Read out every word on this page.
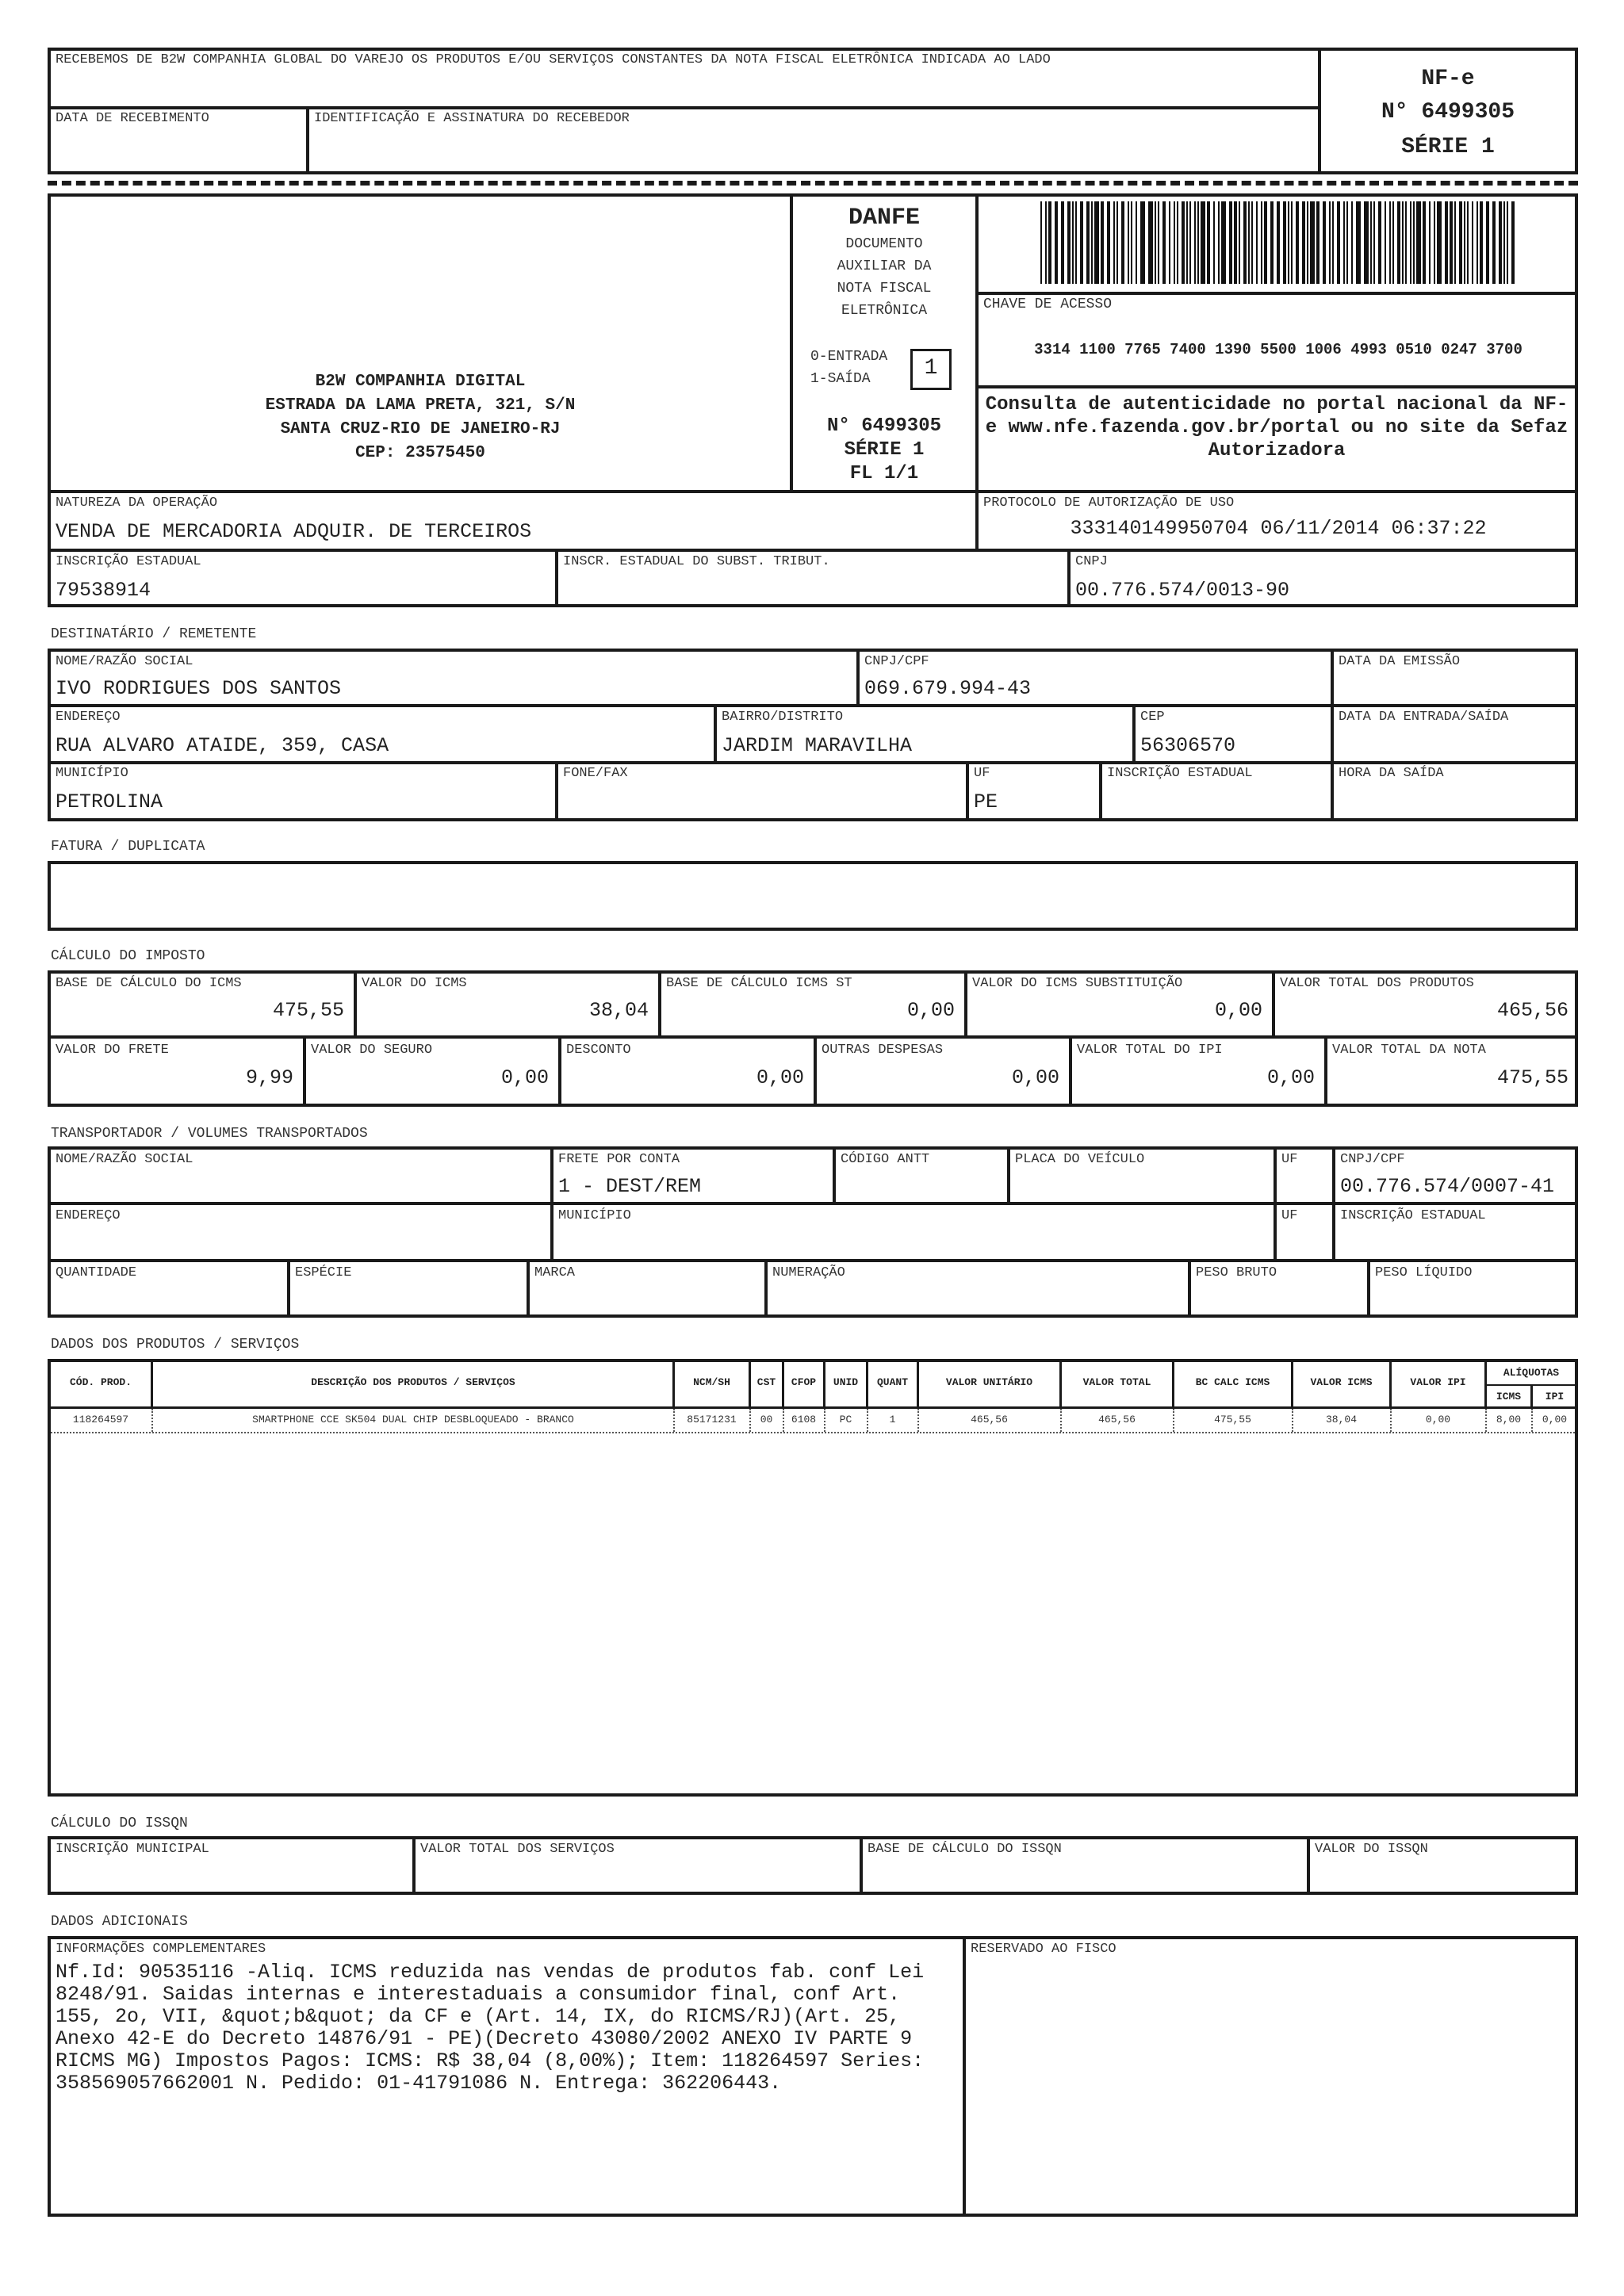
RECEBEMOS DE B2W COMPANHIA GLOBAL DO VAREJO OS PRODUTOS E/OU SERVIÇOS CONSTANTES DA NOTA FISCAL ELETRÔNICA INDICADA AO LADO
DATA DE RECEBIMENTO	IDENTIFICAÇÃO E ASSINATURA DO RECEBEDOR
NF-e
N° 6499305
SÉRIE 1
B2W COMPANHIA DIGITAL
ESTRADA DA LAMA PRETA, 321, S/N
SANTA CRUZ-RIO DE JANEIRO-RJ
CEP: 23575450
DANFE
DOCUMENTO
AUXILIAR DA
NOTA FISCAL
ELETRÔNICA
0-ENTRADA
1-SAÍDA	1
N° 6499305
SÉRIE 1
FL 1/1
CHAVE DE ACESSO
3314 1100 7765 7400 1390 5500 1006 4993 0510 0247 3700
Consulta de autenticidade no portal nacional da NF-e www.nfe.fazenda.gov.br/portal ou no site da Sefaz Autorizadora
NATUREZA DA OPERAÇÃO
VENDA DE MERCADORIA ADQUIR. DE TERCEIROS
PROTOCOLO DE AUTORIZAÇÃO DE USO
333140149950704 06/11/2014 06:37:22
INSCRIÇÃO ESTADUAL
79538914
INSCR. ESTADUAL DO SUBST. TRIBUT.	CNPJ
00.776.574/0013-90
DESTINATÁRIO / REMETENTE
NOME/RAZÃO SOCIAL
IVO RODRIGUES DOS SANTOS
CNPJ/CPF
069.679.994-43
DATA DA EMISSÃO
ENDEREÇO
RUA ALVARO ATAIDE, 359, CASA
BAIRRO/DISTRITO
JARDIM MARAVILHA
CEP
56306570
DATA DA ENTRADA/SAÍDA
MUNICÍPIO
PETROLINA
FONE/FAX	UF
PE
INSCRIÇÃO ESTADUAL	HORA DA SAÍDA
FATURA / DUPLICATA
CÁLCULO DO IMPOSTO
BASE DE CÁLCULO DO ICMS
475,55
VALOR DO ICMS
38,04
BASE DE CÁLCULO ICMS ST
0,00
VALOR DO ICMS SUBSTITUIÇÃO
0,00
VALOR TOTAL DOS PRODUTOS
465,56
VALOR DO FRETE
9,99
VALOR DO SEGURO
0,00
DESCONTO
0,00
OUTRAS DESPESAS
0,00
VALOR TOTAL DO IPI
0,00
VALOR TOTAL DA NOTA
475,55
TRANSPORTADOR / VOLUMES TRANSPORTADOS
NOME/RAZÃO SOCIAL	FRETE POR CONTA
1 - DEST/REM
CÓDIGO ANTT	PLACA DO VEÍCULO	UF	CNPJ/CPF
00.776.574/0007-41
ENDEREÇO	MUNICÍPIO	UF	INSCRIÇÃO ESTADUAL
QUANTIDADE	ESPÉCIE	MARCA	NUMERAÇÃO	PESO BRUTO	PESO LÍQUIDO
DADOS DOS PRODUTOS / SERVIÇOS
CÓD. PROD.	DESCRIÇÃO DOS PRODUTOS / SERVIÇOS	NCM/SH	CST	CFOP	UNID	QUANT	VALOR UNITÁRIO	VALOR TOTAL	BC CALC ICMS	VALOR ICMS	VALOR IPI
ALÍQUOTAS
ICMS	IPI
118264597	SMARTPHONE CCE SK504 DUAL CHIP DESBLOQUEADO - BRANCO	85171231	00	6108	PC	1	465,56	465,56	475,55	38,04	0,00	8,00	0,00
CÁLCULO DO ISSQN
INSCRIÇÃO MUNICIPAL	VALOR TOTAL DOS SERVIÇOS	BASE DE CÁLCULO DO ISSQN	VALOR DO ISSQN
DADOS ADICIONAIS
INFORMAÇÕES COMPLEMENTARES
Nf.Id: 90535116 -Aliq. ICMS reduzida nas vendas de produtos fab. conf Lei 8248/91. Saidas internas e interestaduais a consumidor final, conf Art. 155, 2o, VII, &quot;b&quot; da CF e (Art. 14, IX, do RICMS/RJ)(Art. 25, Anexo 42-E do Decreto 14876/91 - PE)(Decreto 43080/2002 ANEXO IV PARTE 9 RICMS MG) Impostos Pagos: ICMS: R$ 38,04 (8,00%); Item: 118264597 Series: 358569057662001 N. Pedido: 01-41791086 N. Entrega: 362206443.
RESERVADO AO FISCO
